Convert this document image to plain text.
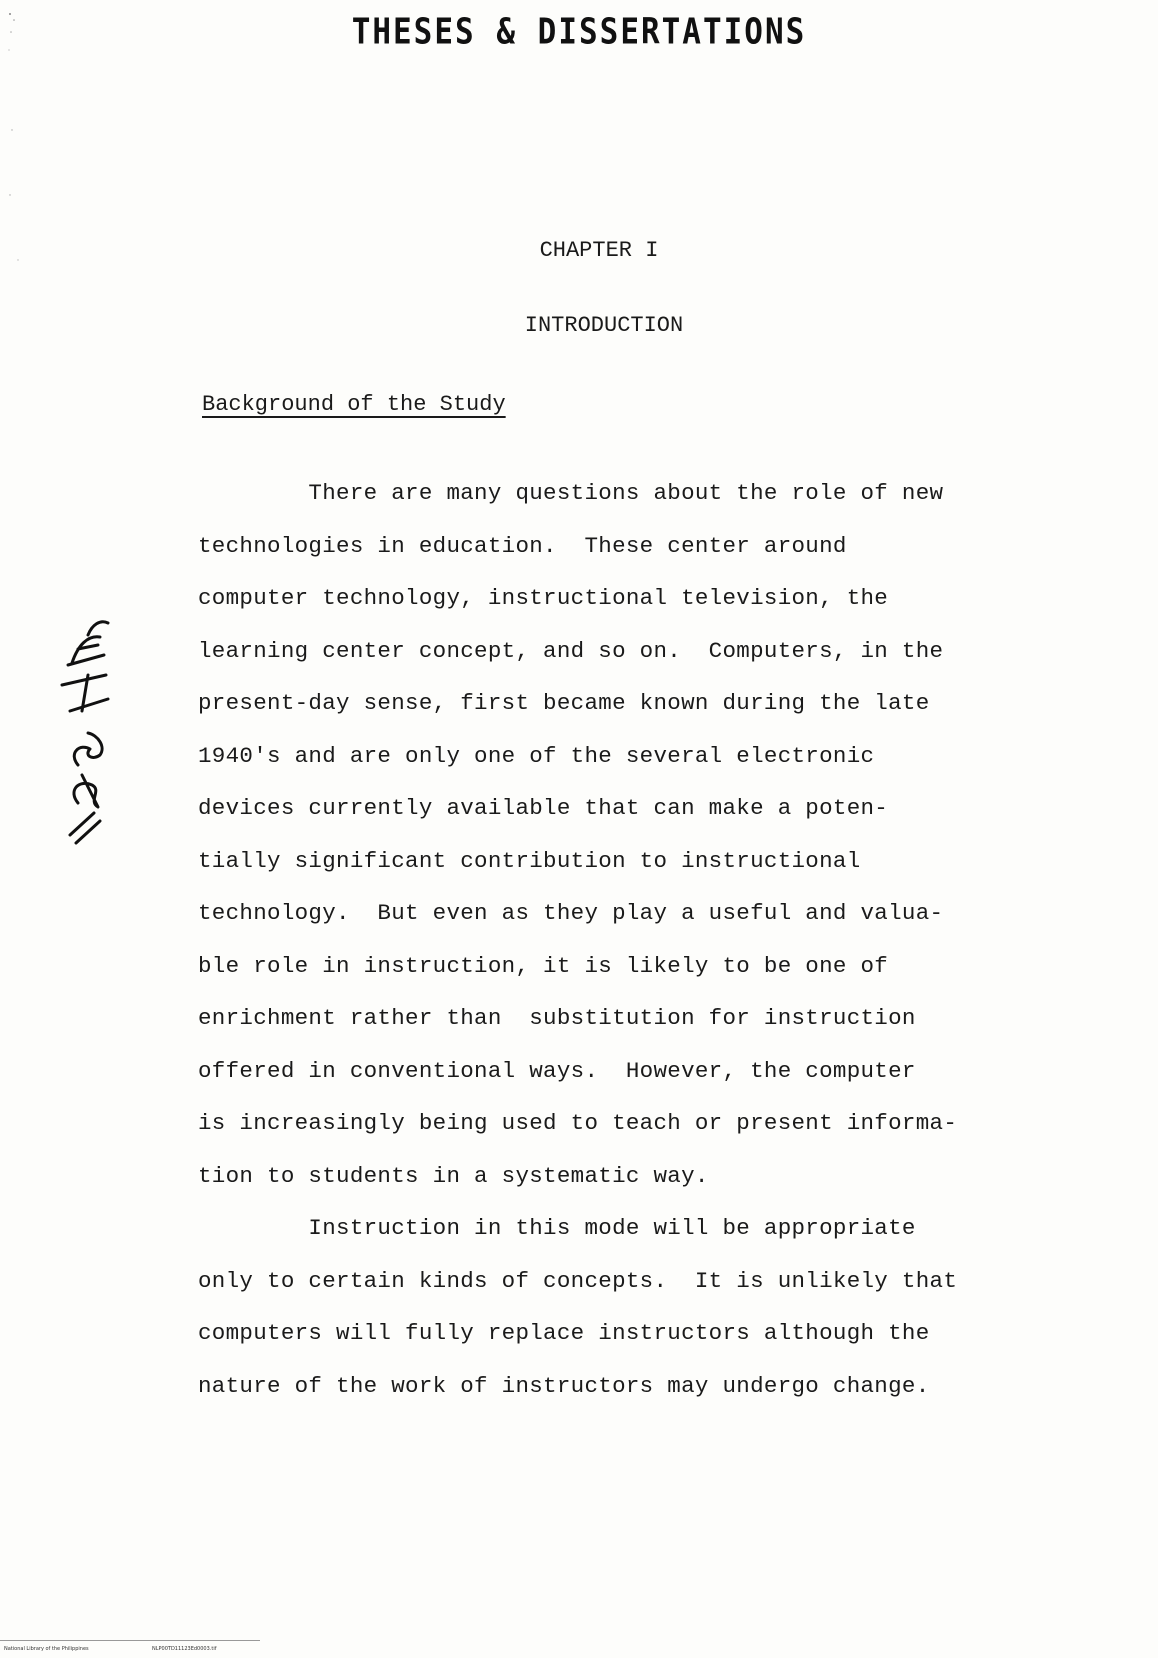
THESES & DISSERTATIONS
CHAPTER I
INTRODUCTION
Background of the Study
There are many questions about the role of new
technologies in education.  These center around
computer technology, instructional television, the
learning center concept, and so on.  Computers, in the
present-day sense, first became known during the late
1940's and are only one of the several electronic
devices currently available that can make a poten-
tially significant contribution to instructional
technology.  But even as they play a useful and valua-
ble role in instruction, it is likely to be one of
enrichment rather than  substitution for instruction
offered in conventional ways.  However, the computer
is increasingly being used to teach or present informa-
tion to students in a systematic way.
Instruction in this mode will be appropriate
only to certain kinds of concepts.  It is unlikely that
computers will fully replace instructors although the
nature of the work of instructors may undergo change.
National Library of the Philippines	NLP00TD11123Ed0003.tif
